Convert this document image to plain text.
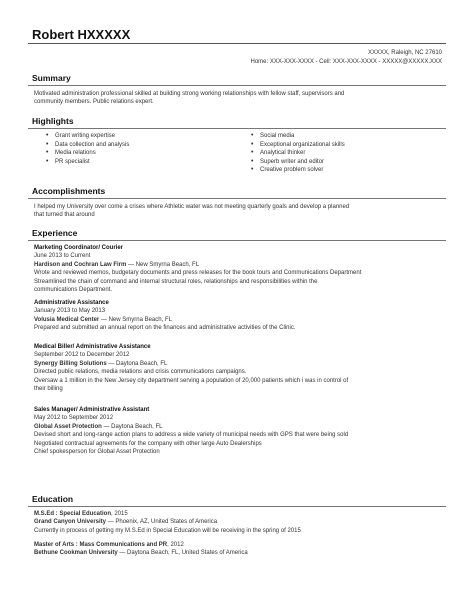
Robert HXXXXX
XXXXX, Raleigh, NC 27610
Home: XXX-XXX-XXXX - Cell: XXX-XXX-XXXX - XXXXX@XXXXX.XXX
Summary
Motivated administration professional skilled at building strong working relationships with fellow staff, supervisors and
community members. Public relations expert.
Highlights
• Grant writing expertise
• Data collection and analysis
• Media relations
• PR specialist
• Social media
• Exceptional organizational skills
• Analytical thinker
• Superb writer and editor
• Creative problem solver
Accomplishments
I helped my University over come a crises where Athletic water was not meeting quarterly goals and develop a planned
that turned that around
Experience
Marketing Coordinator/ Courier
June 2013 to Current
Hardison and Cochran Law Firm — New Smyrna Beach, FL
Wrote and reviewed memos, budgetary documents and press releases for the book tours and Communications Department
Streamlined the chain of command and internal structural roles, relationships and responsibilities within the
communications Department.
Administrative Assistance
January 2013 to May 2013
Volusia Medical Center — New Smyrna Beach, FL
Prepared and submitted an annual report on the finances and administrative activities of the Clinic.
Medical Biller/ Administrative Assistance
September 2012 to December 2012
Synergy Billing Solutions — Daytona Beach, FL
Directed public relations, media relations and crisis communications campaigns.
Oversaw a 1 million in the New Jersey city department serving a population of 20,000 patients which i was in control of
their billing
Sales Manager/ Administrative Assistant
May 2012 to September 2012
Global Asset Protection — Daytona Beach, FL
Devised short and long-range action plans to address a wide variety of municipal needs with GPS that were being sold
Negotiated contractual agreements for the company with other large Auto Dealerships
Chief spokesperson for Global Asset Protection
Education
M.S.Ed : Special Education, 2015
Grand Canyon University — Phoenix, AZ, United States of America
Currently in process of getting my M.S.Ed in Special Education will be receiving in the spring of 2015
Master of Arts : Mass Communications and PR, 2012
Bethune Cookman University — Daytona Beach, FL, United States of America
